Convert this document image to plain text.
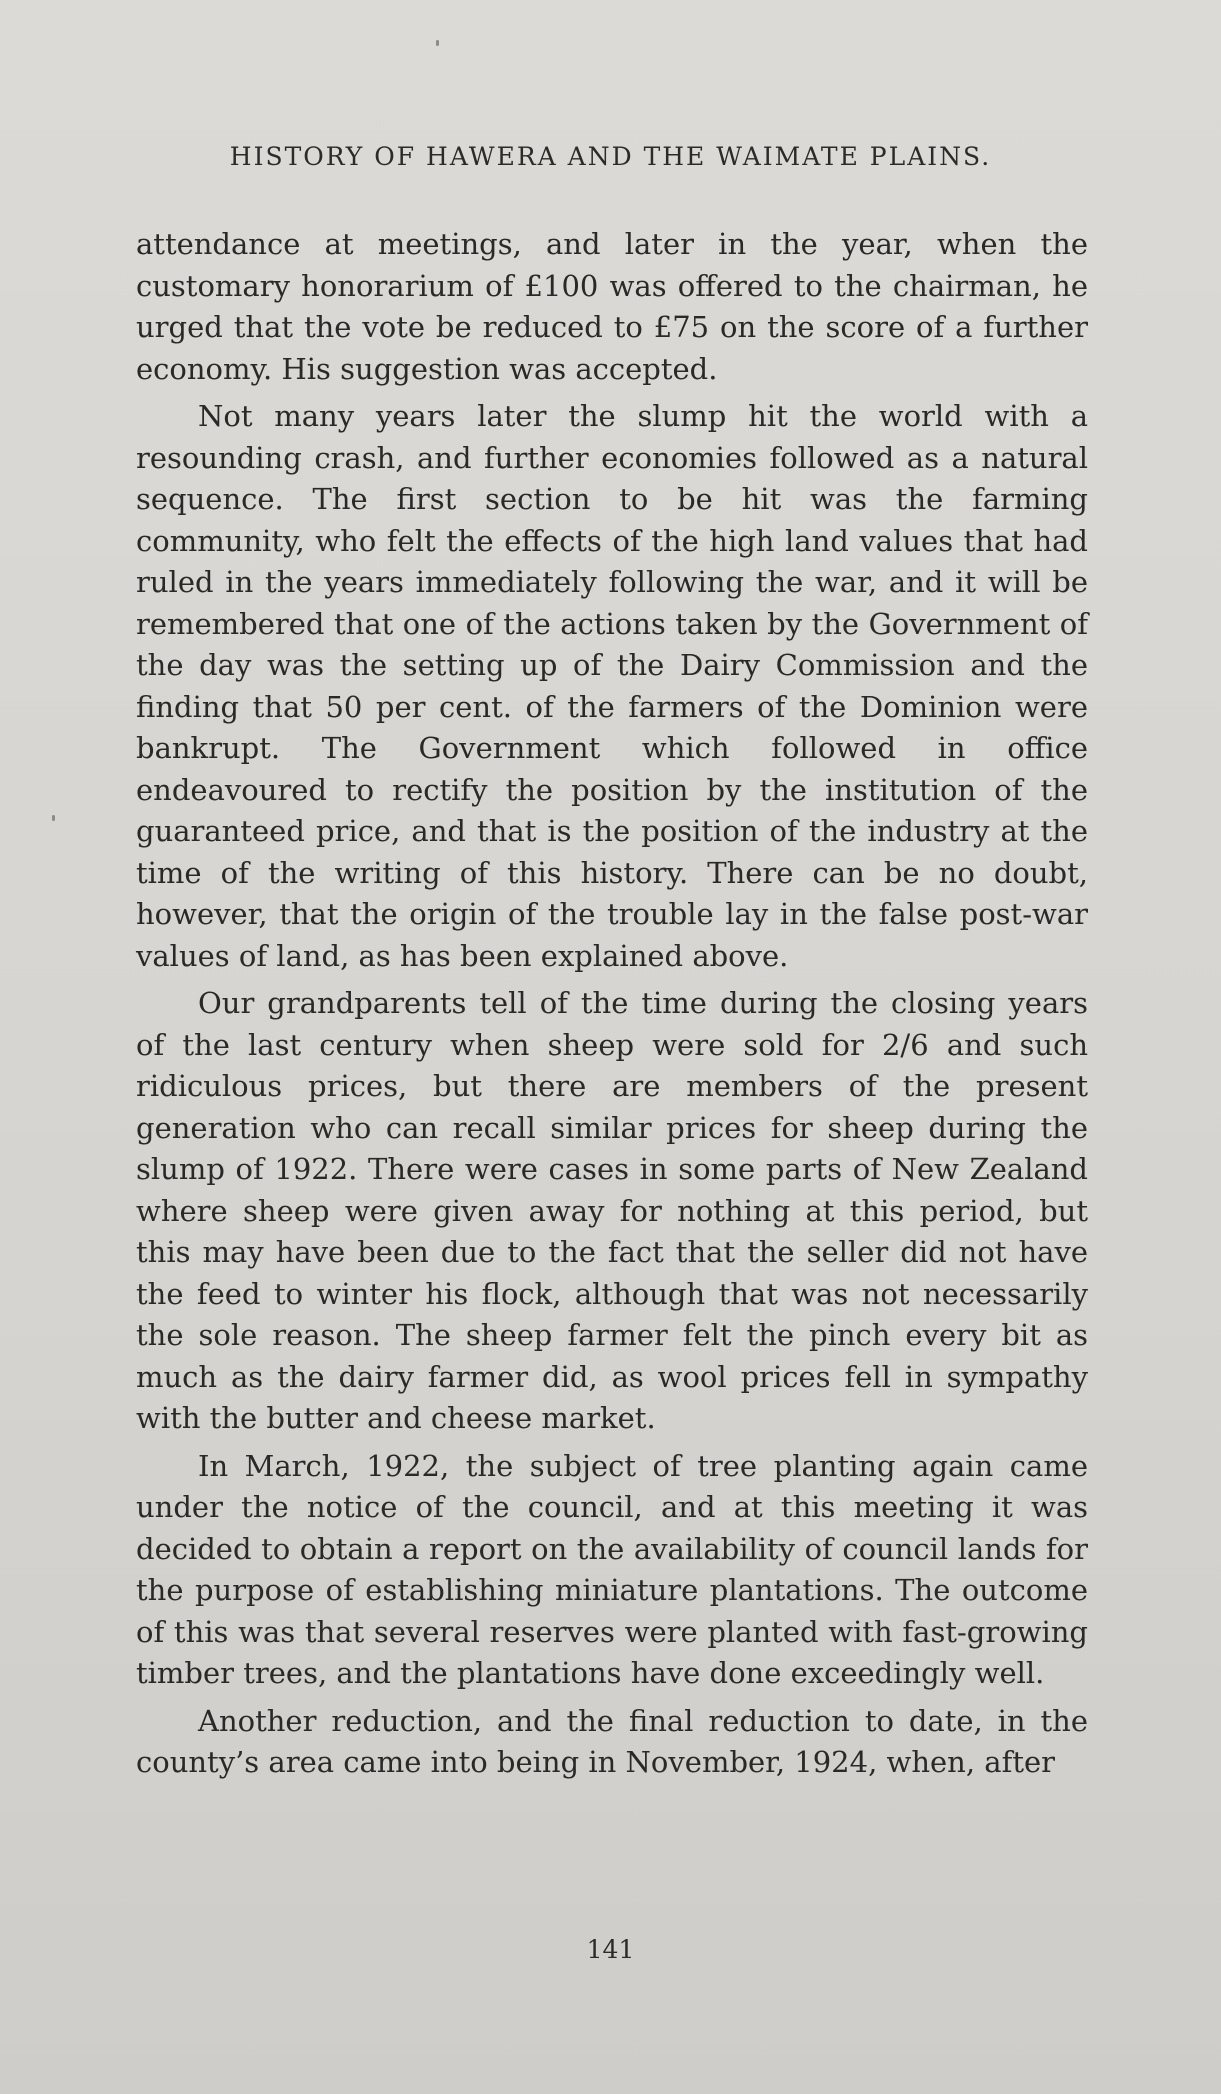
HISTORY OF HAWERA AND THE WAIMATE PLAINS.

attendance at meetings, and later in the year, when the customary honorarium of £100 was offered to the chairman, he urged that the vote be reduced to £75 on the score of a further economy. His suggestion was accepted.

Not many years later the slump hit the world with a resounding crash, and further economies followed as a natural sequence. The first section to be hit was the farming community, who felt the effects of the high land values that had ruled in the years immediately following the war, and it will be remembered that one of the actions taken by the Government of the day was the setting up of the Dairy Commission and the finding that 50 per cent. of the farmers of the Dominion were bankrupt. The Government which followed in office endeavoured to rectify the position by the institution of the guaranteed price, and that is the position of the industry at the time of the writing of this history. There can be no doubt, however, that the origin of the trouble lay in the false post-war values of land, as has been explained above.

Our grandparents tell of the time during the closing years of the last century when sheep were sold for 2/6 and such ridiculous prices, but there are members of the present generation who can recall similar prices for sheep during the slump of 1922. There were cases in some parts of New Zealand where sheep were given away for nothing at this period, but this may have been due to the fact that the seller did not have the feed to winter his flock, although that was not necessarily the sole reason. The sheep farmer felt the pinch every bit as much as the dairy farmer did, as wool prices fell in sympathy with the butter and cheese market.

In March, 1922, the subject of tree planting again came under the notice of the council, and at this meeting it was decided to obtain a report on the availability of council lands for the purpose of establishing miniature plantations. The outcome of this was that several reserves were planted with fast-growing timber trees, and the plantations have done exceedingly well.

Another reduction, and the final reduction to date, in the county’s area came into being in November, 1924, when, after

141
